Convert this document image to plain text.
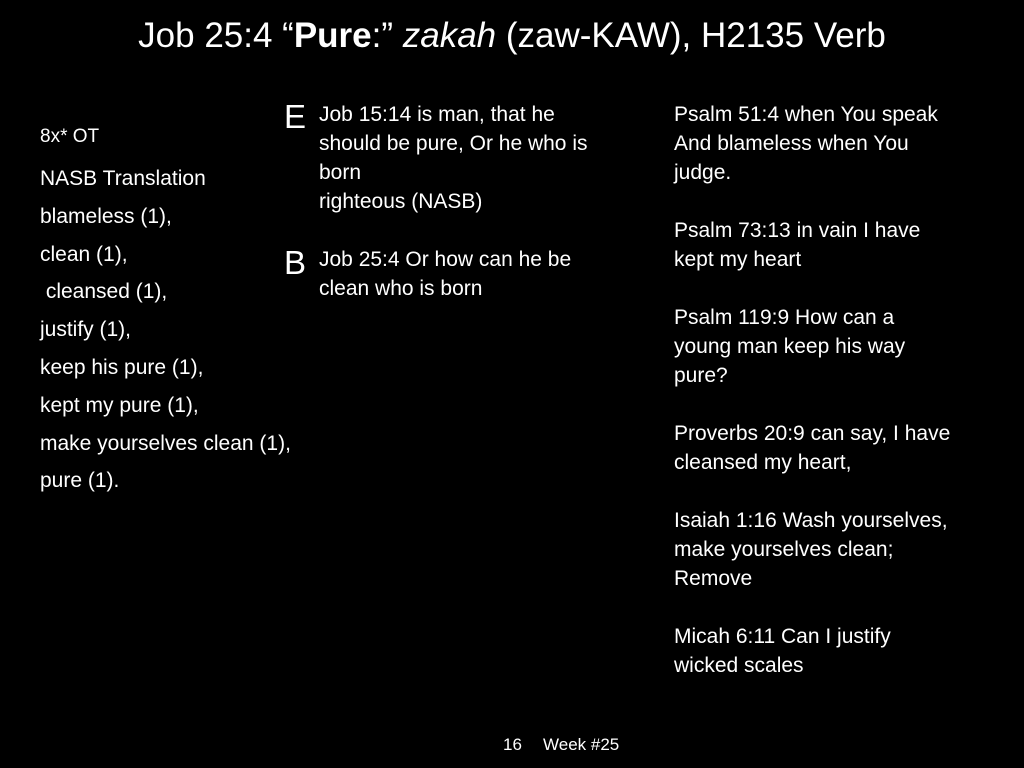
Job 25:4 “Pure:” zakah (zaw-KAW), H2135 Verb
8x* OT
NASB Translation
blameless (1),
clean (1),
cleansed (1),
justify (1),
keep his pure (1),
kept my pure (1),
make yourselves clean (1),
pure (1).
E Job 15:14 is man, that he
should be pure, Or he who is
born
righteous (NASB)
B Job 25:4 Or how can he be
clean who is born
Psalm 51:4 when You speak
And blameless when You
judge.
Psalm 73:13 in vain I have
kept my heart
Psalm 119:9 How can a
young man keep his way
pure?
Proverbs 20:9 can say, I have
cleansed my heart,
Isaiah 1:16 Wash yourselves,
make yourselves clean;
Remove
Micah 6:11 Can I justify
wicked scales
16 Week #25
